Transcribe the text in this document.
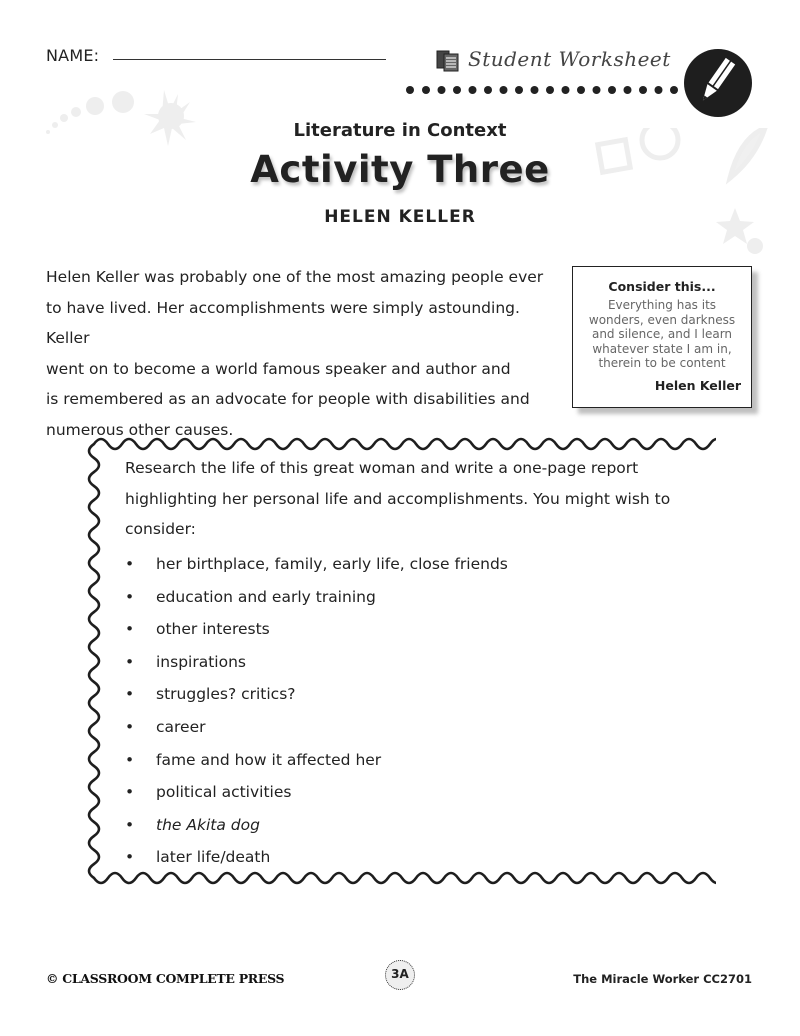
NAME:	Student Worksheet
Literature in Context
Activity Three
HELEN KELLER
Helen Keller was probably one of the most amazing people ever
to have lived. Her accomplishments were simply astounding. Keller
went on to become a world famous speaker and author and
is remembered as an advocate for people with disabilities and
numerous other causes.
Consider this...
Everything has its
wonders, even darkness
and silence, and I learn
whatever state I am in,
therein to be content
Helen Keller
Research the life of this great woman and write a one-page report
highlighting her personal life and accomplishments. You might wish to
consider:
• her birthplace, family, early life, close friends
• education and early training
• other interests
• inspirations
• struggles? critics?
• career
• fame and how it affected her
• political activities
• the Akita dog
• later life/death
© CLASSROOM COMPLETE PRESS	3A	The Miracle Worker CC2701
